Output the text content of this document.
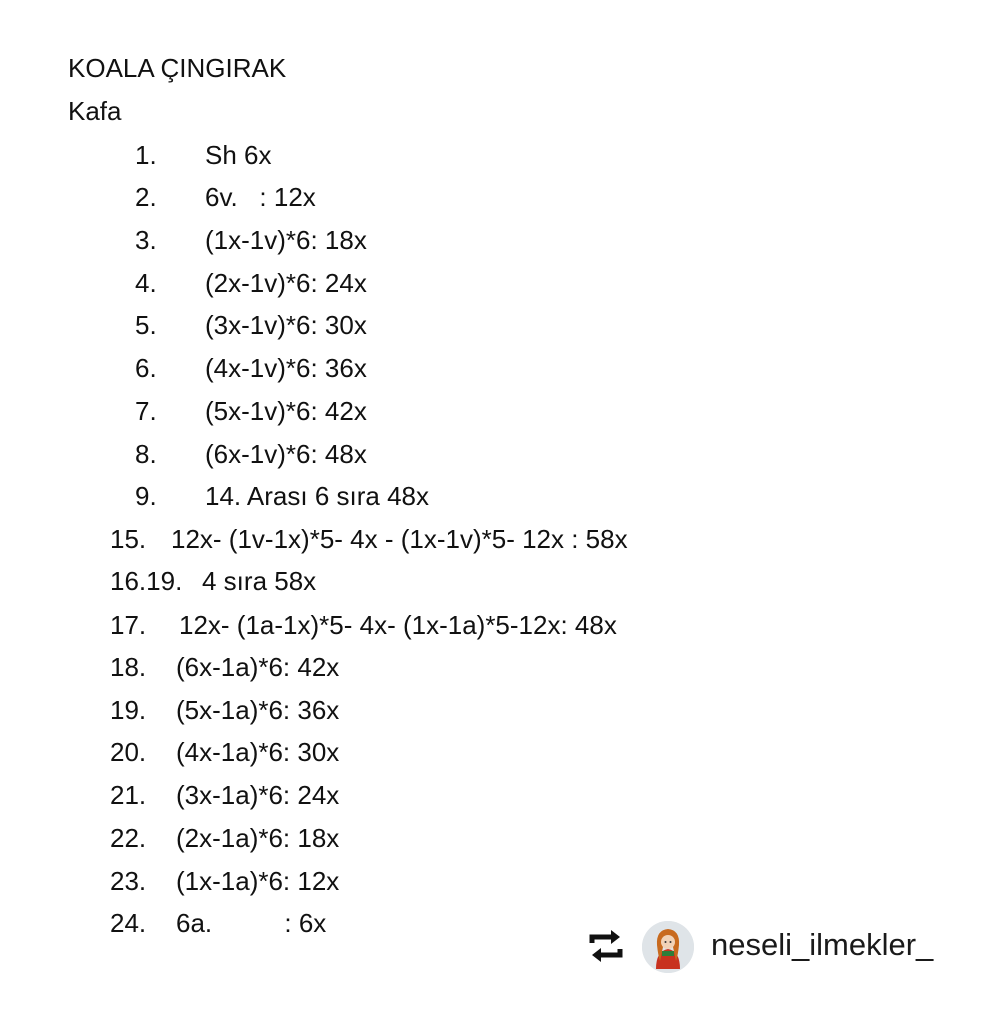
KOALA ÇINGIRAK
Kafa

1.

Sh 6x

2.

6v.   : 12x

3.

(1x-1v)*6: 18x

4.

(2x-1v)*6: 24x

5.

(3x-1v)*6: 30x

6.

(4x-1v)*6: 36x

7.

(5x-1v)*6: 42x

8.

(6x-1v)*6: 48x

9.

14. Arası 6 sıra 48x

15.

12x- (1v-1x)*5- 4x - (1x-1v)*5- 12x : 58x

16.19.

4 sıra 58x

17.

12x- (1a-1x)*5- 4x- (1x-1a)*5-12x: 48x

18.

(6x-1a)*6: 42x

19.

(5x-1a)*6: 36x

20.

(4x-1a)*6: 30x

21.

(3x-1a)*6: 24x

22.

(2x-1a)*6: 18x

23.

(1x-1a)*6: 12x

24.

6a.          : 6x

neseli_ilmekler_
